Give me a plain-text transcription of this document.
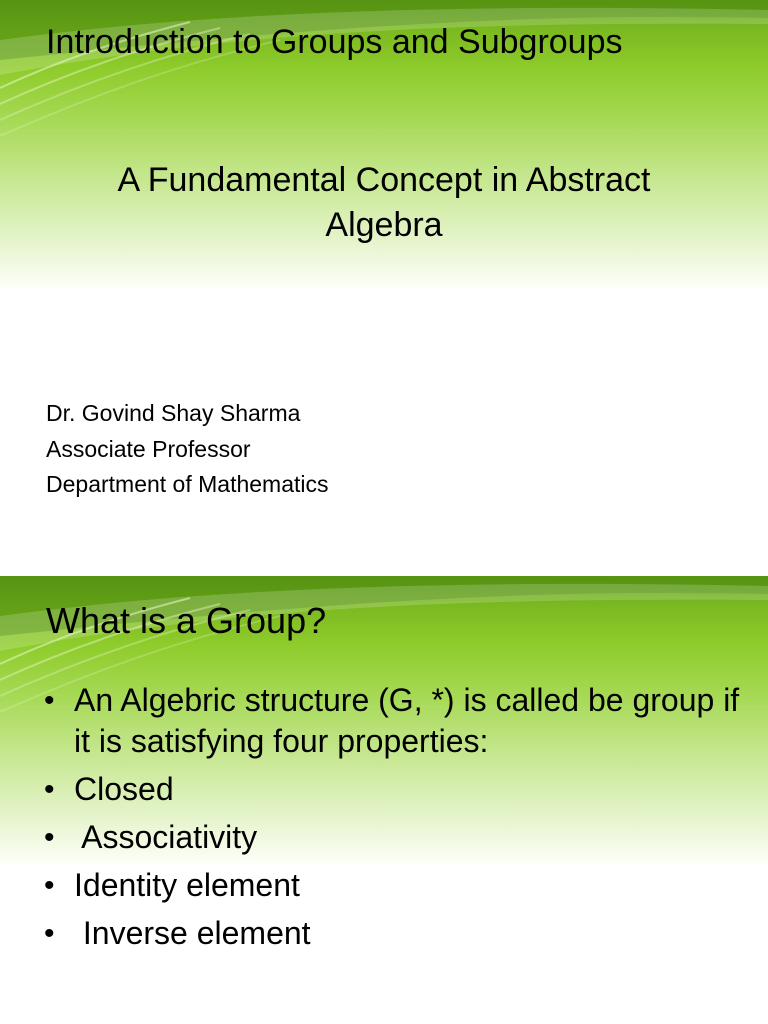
Introduction to Groups and Subgroups
A Fundamental Concept in Abstract
Algebra
Dr. Govind Shay Sharma
Associate Professor
Department of Mathematics
What is a Group?
• An Algebric structure (G, *) is called be group if it is satisfying four properties:
• Closed
• Associativity
• Identity element
• Inverse element
